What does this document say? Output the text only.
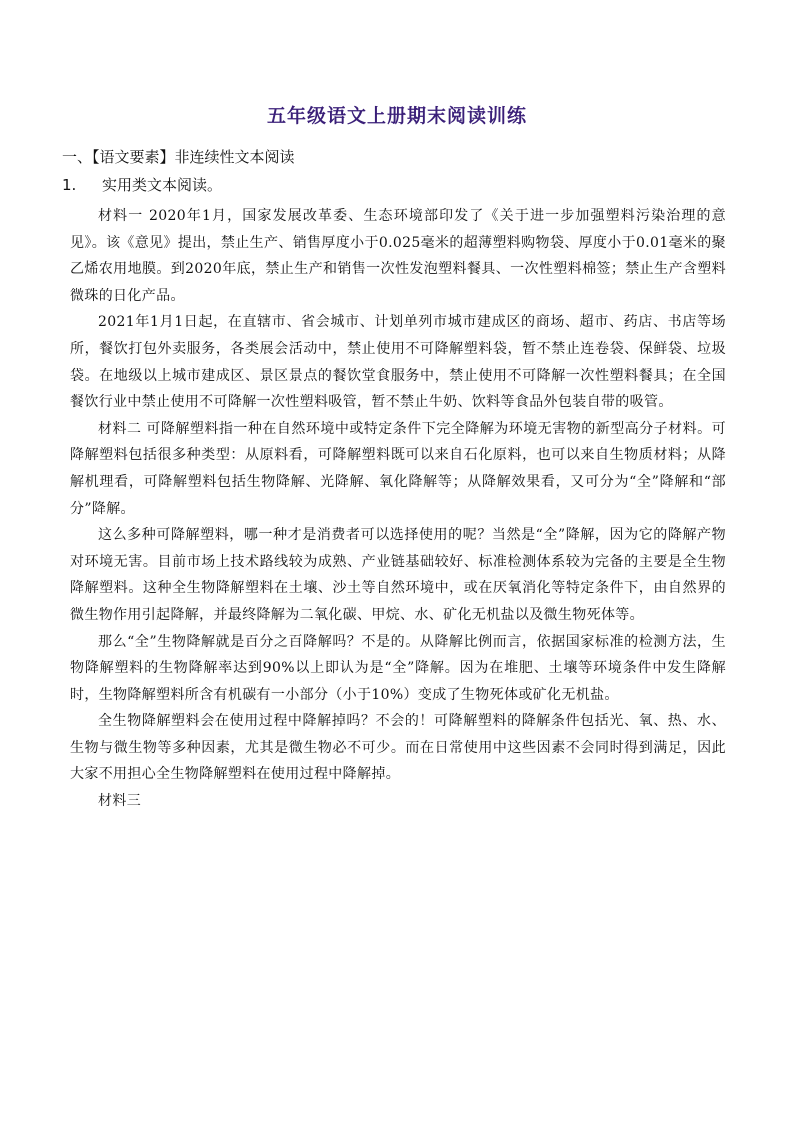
五年级语文上册期末阅读训练
一、【语文要素】非连续性文本阅读
1. 实用类文本阅读。

材料一 2020年1月，国家发展改革委、生态环境部印发了《关于进一步加强塑料污染治理的意见》。该《意见》提出，禁止生产、销售厚度小于0.025毫米的超薄塑料购物袋、厚度小于0.01毫米的聚乙烯农用地膜。到2020年底，禁止生产和销售一次性发泡塑料餐具、一次性塑料棉签；禁止生产含塑料微珠的日化产品。

2021年1月1日起，在直辖市、省会城市、计划单列市城市建成区的商场、超市、药店、书店等场所，餐饮打包外卖服务，各类展会活动中，禁止使用不可降解塑料袋，暂不禁止连卷袋、保鲜袋、垃圾袋。在地级以上城市建成区、景区景点的餐饮堂食服务中，禁止使用不可降解一次性塑料餐具；在全国餐饮行业中禁止使用不可降解一次性塑料吸管，暂不禁止牛奶、饮料等食品外包装自带的吸管。

材料二 可降解塑料指一种在自然环境中或特定条件下完全降解为环境无害物的新型高分子材料。可降解塑料包括很多种类型：从原料看，可降解塑料既可以来自石化原料，也可以来自生物质材料；从降解机理看，可降解塑料包括生物降解、光降解、氧化降解等；从降解效果看，又可分为“全”降解和“部分”降解。

这么多种可降解塑料，哪一种才是消费者可以选择使用的呢？当然是“全”降解，因为它的降解产物对环境无害。目前市场上技术路线较为成熟、产业链基础较好、标准检测体系较为完备的主要是全生物降解塑料。这种全生物降解塑料在土壤、沙土等自然环境中，或在厌氧消化等特定条件下，由自然界的微生物作用引起降解，并最终降解为二氧化碳、甲烷、水、矿化无机盐以及微生物死体等。

那么“全”生物降解就是百分之百降解吗？不是的。从降解比例而言，依据国家标准的检测方法，生物降解塑料的生物降解率达到90%以上即认为是“全”降解。因为在堆肥、土壤等环境条件中发生降解时，生物降解塑料所含有机碳有一小部分（小于10%）变成了生物死体或矿化无机盐。

全生物降解塑料会在使用过程中降解掉吗？不会的！可降解塑料的降解条件包括光、氧、热、水、生物与微生物等多种因素，尤其是微生物必不可少。而在日常使用中这些因素不会同时得到满足，因此大家不用担心全生物降解塑料在使用过程中降解掉。

材料三
